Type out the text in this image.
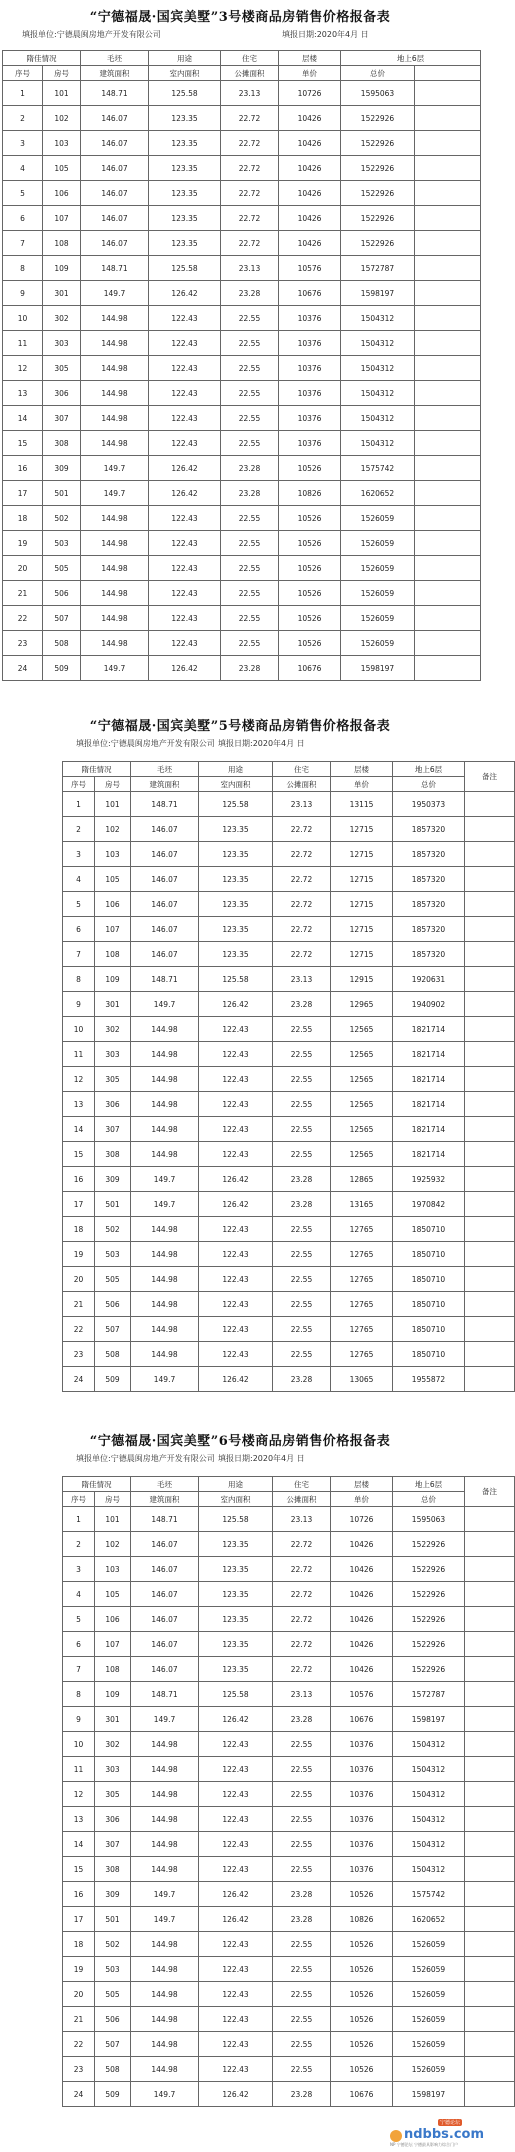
“宁德福晟·国宾美墅”3号楼商品房销售价格报备表
填报单位:宁德晨闽房地产开发有限公司	填报日期:2020年4月 日
隋佳情况		毛坯	用途	住宅	层楼	地上6层	
序号	房号	建筑面积	室内面积	公摊面积	单价	总价	
1	101	148.71	125.58	23.13	10726	1595063	
2	102	146.07	123.35	22.72	10426	1522926	
3	103	146.07	123.35	22.72	10426	1522926	
4	105	146.07	123.35	22.72	10426	1522926	
5	106	146.07	123.35	22.72	10426	1522926	
6	107	146.07	123.35	22.72	10426	1522926	
7	108	146.07	123.35	22.72	10426	1522926	
8	109	148.71	125.58	23.13	10576	1572787	
9	301	149.7	126.42	23.28	10676	1598197	
10	302	144.98	122.43	22.55	10376	1504312	
11	303	144.98	122.43	22.55	10376	1504312	
12	305	144.98	122.43	22.55	10376	1504312	
13	306	144.98	122.43	22.55	10376	1504312	
14	307	144.98	122.43	22.55	10376	1504312	
15	308	144.98	122.43	22.55	10376	1504312	
16	309	149.7	126.42	23.28	10526	1575742	
17	501	149.7	126.42	23.28	10826	1620652	
18	502	144.98	122.43	22.55	10526	1526059	
19	503	144.98	122.43	22.55	10526	1526059	
20	505	144.98	122.43	22.55	10526	1526059	
21	506	144.98	122.43	22.55	10526	1526059	
22	507	144.98	122.43	22.55	10526	1526059	
23	508	144.98	122.43	22.55	10526	1526059	
24	509	149.7	126.42	23.28	10676	1598197	
“宁德福晟·国宾美墅”5号楼商品房销售价格报备表
填报单位:宁德晨闽房地产开发有限公司 填报日期:2020年4月 日
隋佳情况		毛坯	用途	住宅	层楼	地上6层	备注
序号	房号	建筑面积	室内面积	公摊面积	单价	总价	
1	101	148.71	125.58	23.13	13115	1950373	
2	102	146.07	123.35	22.72	12715	1857320	
3	103	146.07	123.35	22.72	12715	1857320	
4	105	146.07	123.35	22.72	12715	1857320	
5	106	146.07	123.35	22.72	12715	1857320	
6	107	146.07	123.35	22.72	12715	1857320	
7	108	146.07	123.35	22.72	12715	1857320	
8	109	148.71	125.58	23.13	12915	1920631	
9	301	149.7	126.42	23.28	12965	1940902	
10	302	144.98	122.43	22.55	12565	1821714	
11	303	144.98	122.43	22.55	12565	1821714	
12	305	144.98	122.43	22.55	12565	1821714	
13	306	144.98	122.43	22.55	12565	1821714	
14	307	144.98	122.43	22.55	12565	1821714	
15	308	144.98	122.43	22.55	12565	1821714	
16	309	149.7	126.42	23.28	12865	1925932	
17	501	149.7	126.42	23.28	13165	1970842	
18	502	144.98	122.43	22.55	12765	1850710	
19	503	144.98	122.43	22.55	12765	1850710	
20	505	144.98	122.43	22.55	12765	1850710	
21	506	144.98	122.43	22.55	12765	1850710	
22	507	144.98	122.43	22.55	12765	1850710	
23	508	144.98	122.43	22.55	12765	1850710	
24	509	149.7	126.42	23.28	13065	1955872	
“宁德福晟·国宾美墅”6号楼商品房销售价格报备表
填报单位:宁德晨闽房地产开发有限公司 填报日期:2020年4月 日
隋佳情况		毛坯	用途	住宅	层楼	地上6层	备注
序号	房号	建筑面积	室内面积	公摊面积	单价	总价	
1	101	148.71	125.58	23.13	10726	1595063	
2	102	146.07	123.35	22.72	10426	1522926	
3	103	146.07	123.35	22.72	10426	1522926	
4	105	146.07	123.35	22.72	10426	1522926	
5	106	146.07	123.35	22.72	10426	1522926	
6	107	146.07	123.35	22.72	10426	1522926	
7	108	146.07	123.35	22.72	10426	1522926	
8	109	148.71	125.58	23.13	10576	1572787	
9	301	149.7	126.42	23.28	10676	1598197	
10	302	144.98	122.43	22.55	10376	1504312	
11	303	144.98	122.43	22.55	10376	1504312	
12	305	144.98	122.43	22.55	10376	1504312	
13	306	144.98	122.43	22.55	10376	1504312	
14	307	144.98	122.43	22.55	10376	1504312	
15	308	144.98	122.43	22.55	10376	1504312	
16	309	149.7	126.42	23.28	10526	1575742	
17	501	149.7	126.42	23.28	10826	1620652	
18	502	144.98	122.43	22.55	10526	1526059	
19	503	144.98	122.43	22.55	10526	1526059	
20	505	144.98	122.43	22.55	10526	1526059	
21	506	144.98	122.43	22.55	10526	1526059	
22	507	144.98	122.43	22.55	10526	1526059	
23	508	144.98	122.43	22.55	10526	1526059	
24	509	149.7	126.42	23.28	10676	1598197	
宁德论坛
ndbbs.com
NP 宁德论坛 宁德最具影响力综合门户
